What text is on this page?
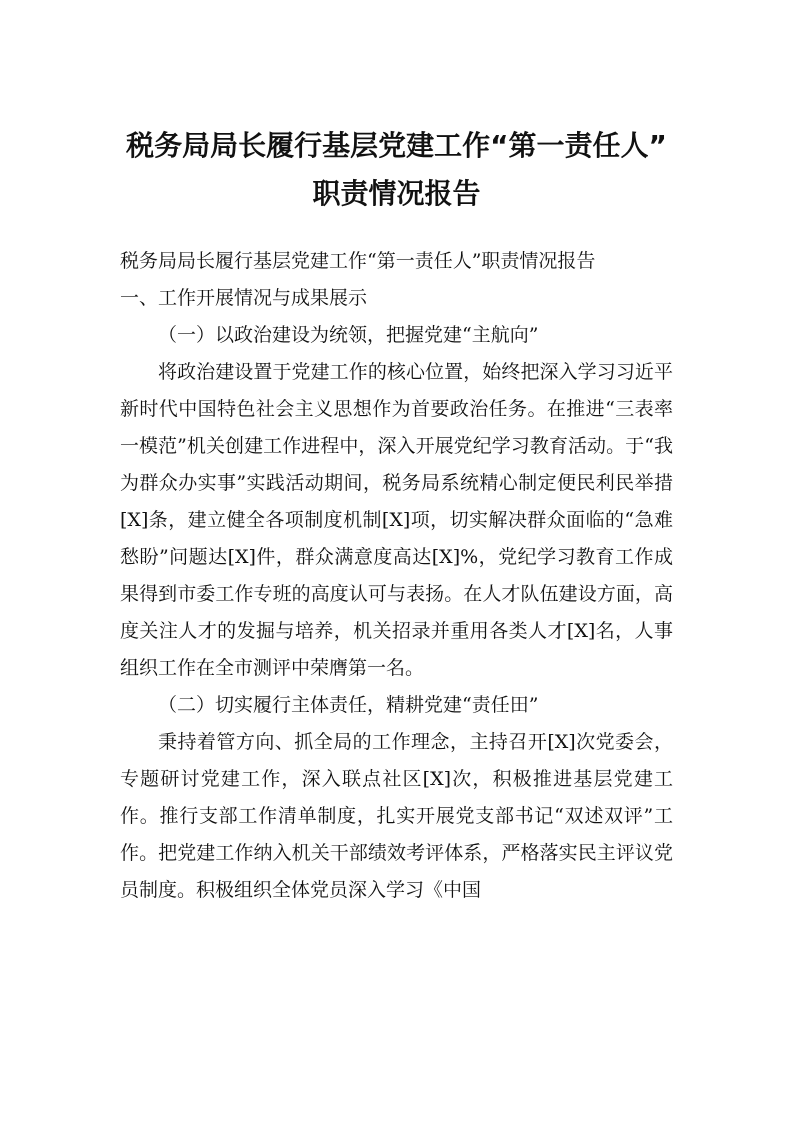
税务局局长履行基层党建工作“第一责任人”
职责情况报告

税务局局长履行基层党建工作“第一责任人”职责情况报告

一、工作开展情况与成果展示

（一）以政治建设为统领，把握党建“主航向”

将政治建设置于党建工作的核心位置，始终把深入学习习近平新时代中国特色社会主义思想作为首要政治任务。在推进“三表率一模范”机关创建工作进程中，深入开展党纪学习教育活动。于“我为群众办实事”实践活动期间，税务局系统精心制定便民利民举措[X]条，建立健全各项制度机制[X]项，切实解决群众面临的“急难愁盼”问题达[X]件，群众满意度高达[X]%，党纪学习教育工作成果得到市委工作专班的高度认可与表扬。在人才队伍建设方面，高度关注人才的发掘与培养，机关招录并重用各类人才[X]名，人事组织工作在全市测评中荣膺第一名。

（二）切实履行主体责任，精耕党建“责任田”

秉持着管方向、抓全局的工作理念，主持召开[X]次党委会，专题研讨党建工作，深入联点社区[X]次，积极推进基层党建工作。推行支部工作清单制度，扎实开展党支部书记“双述双评”工作。把党建工作纳入机关干部绩效考评体系，严格落实民主评议党员制度。积极组织全体党员深入学习《中国
